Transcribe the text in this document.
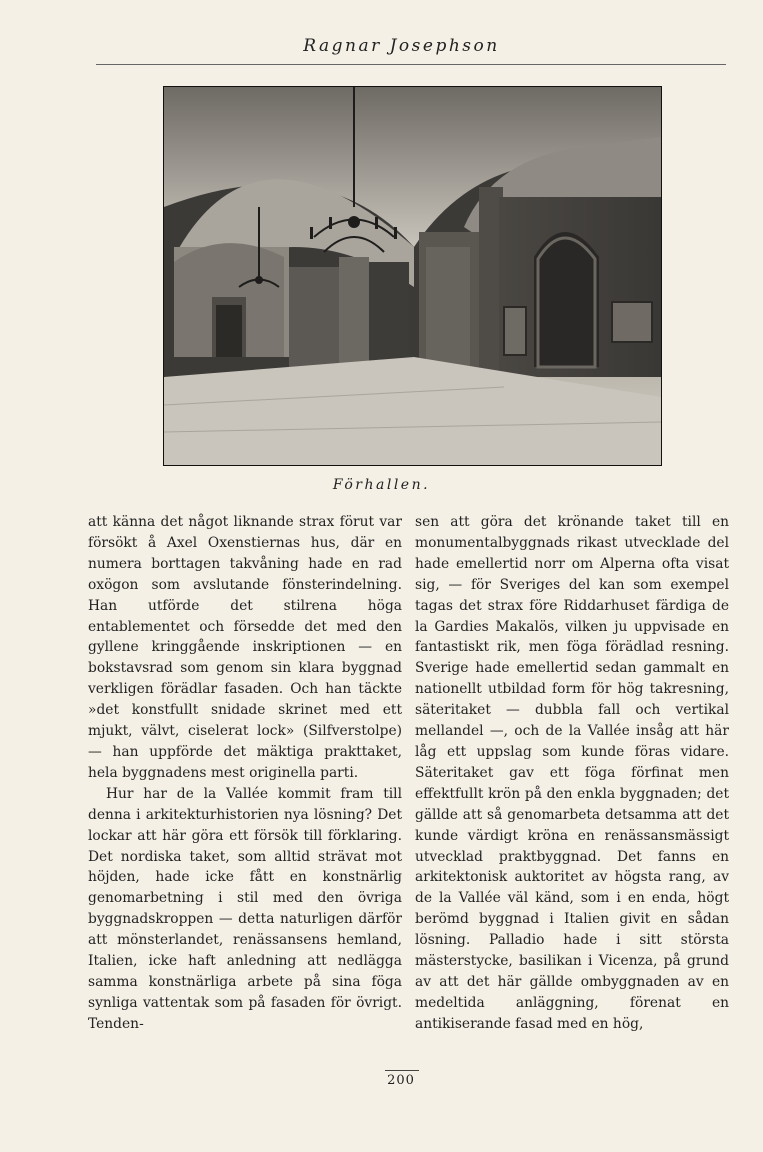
Ragnar Josephson
Förhallen.

att känna det något liknande strax förut var försökt å Axel Oxenstiernas hus, där en numera borttagen takvåning hade en rad oxögon som avslutande fönsterindelning. Han utförde det stilrena höga entablementet och försedde det med den gyllene kringgående inskriptionen — en bokstavsrad som genom sin klara byggnad verkligen förädlar fasaden. Och han täckte »det konstfullt snidade skrinet med ett mjukt, välvt, ciselerat lock» (Silfverstolpe) — han uppförde det mäktiga prakttaket, hela byggnadens mest originella parti.

Hur har de la Vallée kommit fram till denna i arkitekturhistorien nya lösning? Det lockar att här göra ett försök till förklaring. Det nordiska taket, som alltid strävat mot höjden, hade icke fått en konstnärlig genomarbetning i stil med den övriga byggnadskroppen — detta naturligen därför att mönsterlandet, renässansens hemland, Italien, icke haft anledning att nedlägga samma konstnärliga arbete på sina föga synliga vattentak som på fasaden för övrigt. Tenden-

sen att göra det krönande taket till en monumentalbyggnads rikast utvecklade del hade emellertid norr om Alperna ofta visat sig, — för Sveriges del kan som exempel tagas det strax före Riddarhuset färdiga de la Gardies Makalös, vilken ju uppvisade en fantastiskt rik, men föga förädlad resning. Sverige hade emellertid sedan gammalt en nationellt utbildad form för hög takresning, säteritaket — dubbla fall och vertikal mellandel —, och de la Vallée insåg att här låg ett uppslag som kunde föras vidare. Säteritaket gav ett föga förfinat men effektfullt krön på den enkla byggnaden; det gällde att så genomarbeta detsamma att det kunde värdigt kröna en renässansmässigt utvecklad praktbyggnad. Det fanns en arkitektonisk auktoritet av högsta rang, av de la Vallée väl känd, som i en enda, högt berömd byggnad i Italien givit en sådan lösning. Palladio hade i sitt största mästerstycke, basilikan i Vicenza, på grund av att det här gällde ombyggnaden av en medeltida anläggning, förenat en antikiserande fasad med en hög,

200
